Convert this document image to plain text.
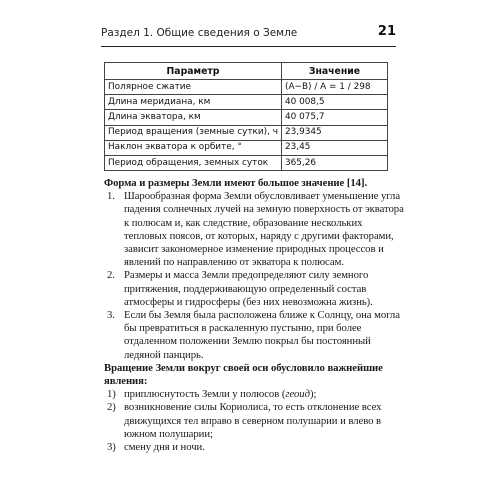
Раздел 1. Общие сведения о Земле	21
Параметр	Значение
Полярное сжатие	(A−B) / A = 1 / 298
Длина меридиана, км	40 008,5
Длина экватора, км	40 075,7
Период вращения (земные сутки), ч	23,9345
Наклон экватора к орбите, °	23,45
Период обращения, земных суток	365,26

Форма и размеры Земли имеют большое значение [14].

1. Шарообразная форма Земли обусловливает уменьшение угла падения солнечных лучей на земную поверхность от экватора к полюсам и, как следствие, образование нескольких тепловых поясов, от которых, наряду с другими факторами, зависит закономерное изменение природных процессов и явлений по направлению от экватора к полюсам.
2. Размеры и масса Земли предопределяют силу земного притяжения, поддерживающую определенный состав атмосферы и гидросферы (без них невозможна жизнь).
3. Если бы Земля была расположена ближе к Солнцу, она могла бы превратиться в раскаленную пустыню, при более отдаленном положении Землю покрыл бы постоянный ледяной панцирь.

Вращение Земли вокруг своей оси обусловило важнейшие явления:

1) приплюснутость Земли у полюсов (геоид);
2) возникновение силы Кориолиса, то есть отклонение всех движущихся тел вправо в северном полушарии и влево в южном полушарии;
3) смену дня и ночи.
